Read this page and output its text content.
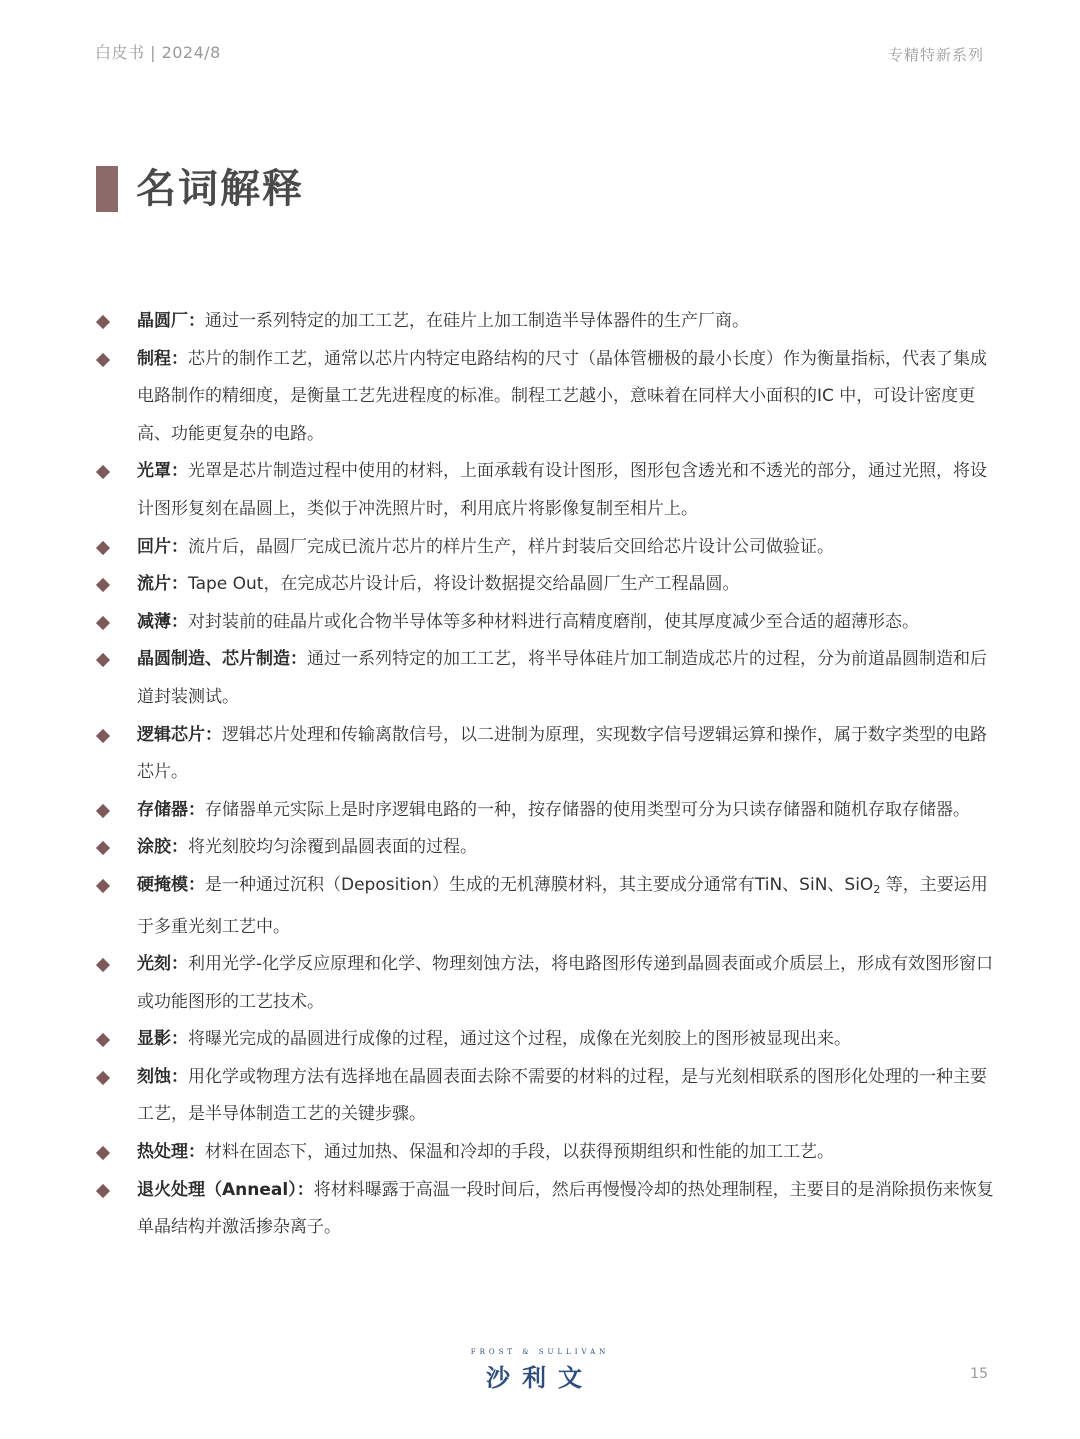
白皮书 | 2024/8	专精特新系列
名词解释
晶圆厂：通过一系列特定的加工工艺，在硅片上加工制造半导体器件的生产厂商。
制程：芯片的制作工艺，通常以芯片内特定电路结构的尺寸（晶体管栅极的最小长度）作为衡量指标，代表了集成电路制作的精细度，是衡量工艺先进程度的标准。制程工艺越小，意味着在同样大小面积的IC 中，可设计密度更高、功能更复杂的电路。
光罩：光罩是芯片制造过程中使用的材料，上面承载有设计图形，图形包含透光和不透光的部分，通过光照，将设计图形复刻在晶圆上，类似于冲洗照片时，利用底片将影像复制至相片上。
回片：流片后，晶圆厂完成已流片芯片的样片生产，样片封装后交回给芯片设计公司做验证。
流片：Tape Out，在完成芯片设计后，将设计数据提交给晶圆厂生产工程晶圆。
减薄：对封装前的硅晶片或化合物半导体等多种材料进行高精度磨削，使其厚度减少至合适的超薄形态。
晶圆制造、芯片制造：通过一系列特定的加工工艺，将半导体硅片加工制造成芯片的过程，分为前道晶圆制造和后道封装测试。
逻辑芯片：逻辑芯片处理和传输离散信号，以二进制为原理，实现数字信号逻辑运算和操作，属于数字类型的电路芯片。
存储器：存储器单元实际上是时序逻辑电路的一种，按存储器的使用类型可分为只读存储器和随机存取存储器。
涂胶：将光刻胶均匀涂覆到晶圆表面的过程。
硬掩模：是一种通过沉积（Deposition）生成的无机薄膜材料，其主要成分通常有TiN、SiN、SiO$_2$ 等，主要运用于多重光刻工艺中。
光刻：利用光学-化学反应原理和化学、物理刻蚀方法，将电路图形传递到晶圆表面或介质层上，形成有效图形窗口或功能图形的工艺技术。
显影：将曝光完成的晶圆进行成像的过程，通过这个过程，成像在光刻胶上的图形被显现出来。
刻蚀：用化学或物理方法有选择地在晶圆表面去除不需要的材料的过程，是与光刻相联系的图形化处理的一种主要工艺，是半导体制造工艺的关键步骤。
热处理：材料在固态下，通过加热、保温和冷却的手段，以获得预期组织和性能的加工工艺。
退火处理（Anneal）：将材料曝露于高温一段时间后，然后再慢慢冷却的热处理制程，主要目的是消除损伤来恢复单晶结构并激活掺杂离子。
FROST & SULLIVAN
沙利文	15
